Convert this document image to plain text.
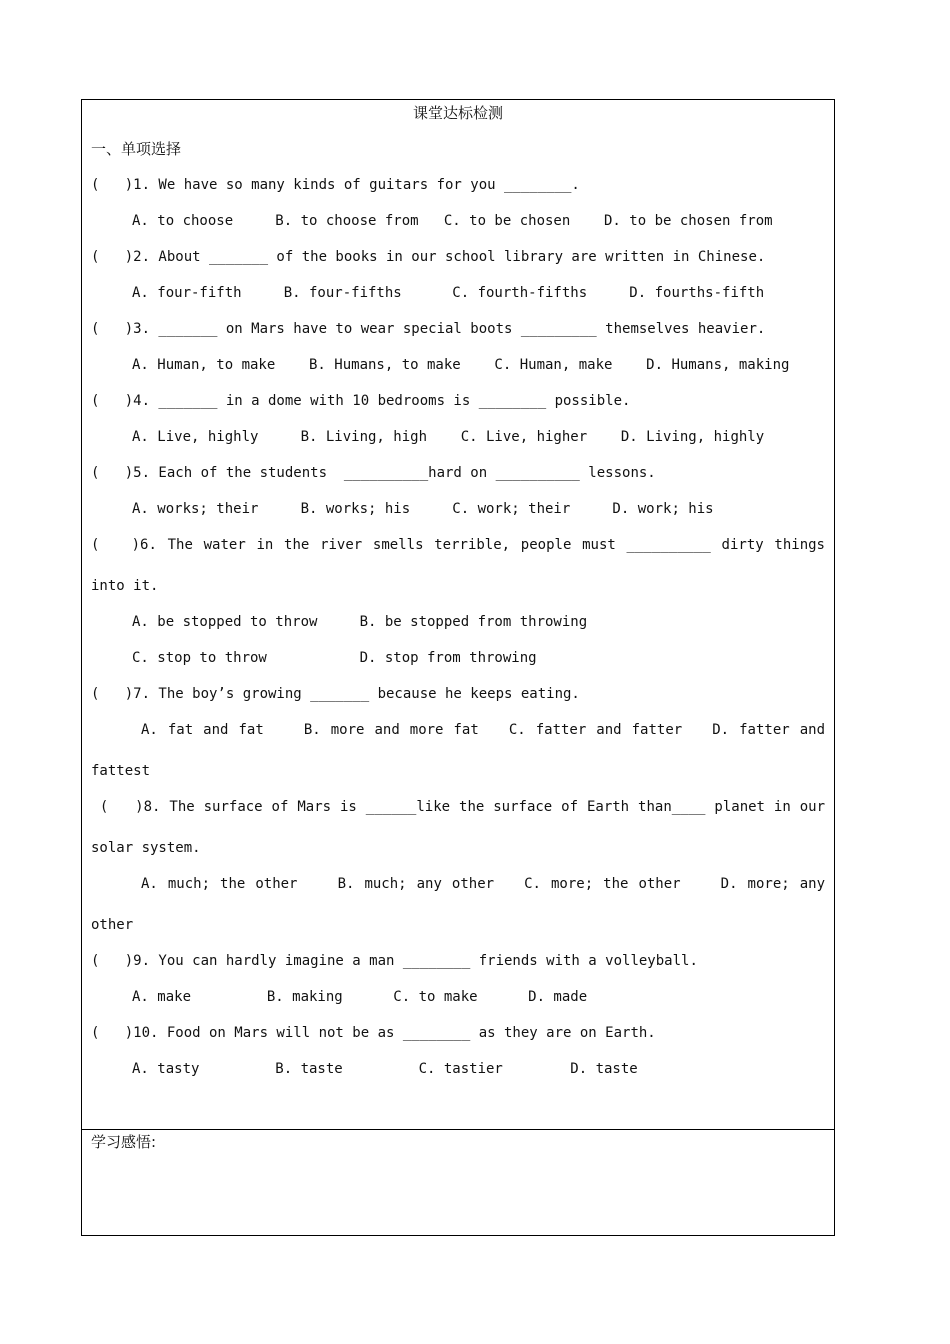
课堂达标检测
一、单项选择
(   )1. We have so many kinds of guitars for you ________.
A. to choose     B. to choose from   C. to be chosen    D. to be chosen from
(   )2. About _______ of the books in our school library are written in Chinese.
A. four-fifth     B. four-fifths      C. fourth-fifths     D. fourths-fifth
(   )3. _______ on Mars have to wear special boots _________ themselves heavier.
A. Human, to make    B. Humans, to make    C. Human, make    D. Humans, making
(   )4. _______ in a dome with 10 bedrooms is ________ possible.
A. Live, highly     B. Living, high    C. Live, higher    D. Living, highly
(   )5. Each of the students  __________hard on __________ lessons.
A. works; their     B. works; his     C. work; their     D. work; his
(   )6. The water in the river smells terrible, people must __________ dirty things
into it.
A. be stopped to throw     B. be stopped from throwing
C. stop to throw           D. stop from throwing
(   )7. The boy’s growing _______ because he keeps eating.
A. fat and fat    B. more and more fat   C. fatter and fatter   D. fatter and
fattest
(   )8. The surface of Mars is ______like the surface of Earth than____ planet in our
solar system.
A. much; the other    B. much; any other   C. more; the other    D. more; any
other
(   )9. You can hardly imagine a man ________ friends with a volleyball.
A. make         B. making      C. to make      D. made
(   )10. Food on Mars will not be as ________ as they are on Earth.
A. tasty         B. taste         C. tastier        D. taste
学习感悟:
